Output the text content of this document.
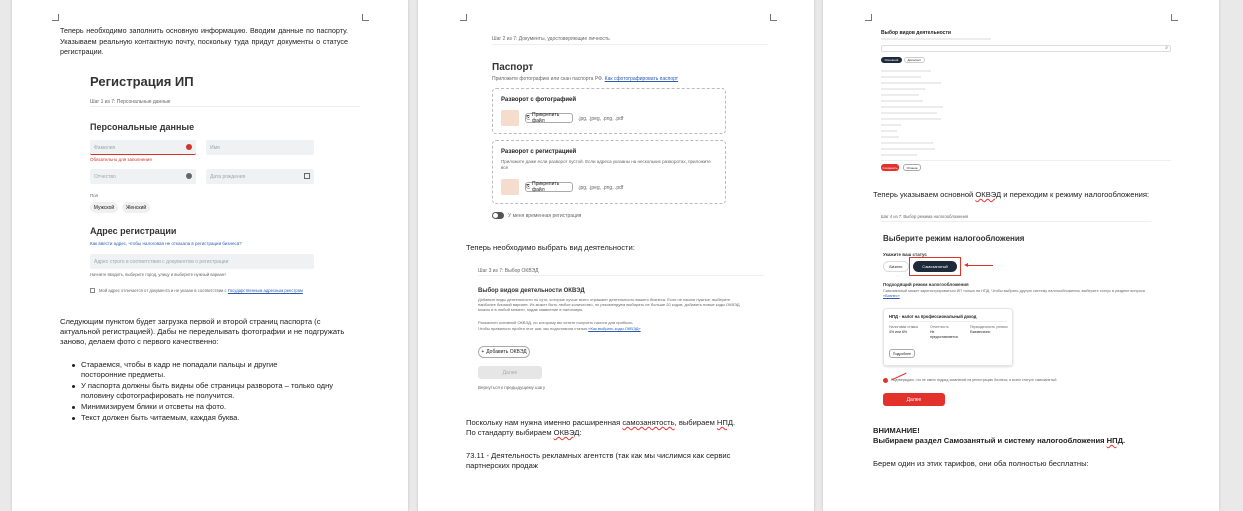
Теперь необходимо заполнить основную информацию. Вводим данные по паспорту. Указываем реальную контактную почту, поскольку туда придут документы о статусе регистрации.
Регистрация ИП
Шаг 1 из 7: Персональные данные
Персональные данные
Фамилия	Имя
Обязательно для заполнения
Отчество	Дата рождения
Пол
Мужской	Женский
Адрес регистрации
Как ввести адрес, чтобы налоговая не отказала в регистрации бизнеса?
Адрес строго в соответствии с документом о регистрации
Начните вводить, выберите город, улицу и выберите нужный вариант
Мой адрес отличается от документа и не указан в соответствии с Государственным адресным реестром
Следующим пунктом будет загрузка первой и второй страниц паспорта (с актуальной регистрацией). Дабы не переделывать фотографии и не подгружать заново, делаем фото с первого качественно:
Стараемся, чтобы в кадр не попадали пальцы и другие посторонние предметы.
У паспорта должны быть видны обе страницы разворота – только одну половину сфотографировать не получится.
Минимизируем блики и отсветы на фото.
Текст должен быть читаемым, каждая буква.
Шаг 2 из 7: Документы, удостоверяющие личность
Паспорт
Приложите фотографию или скан паспорта РФ. Как сфотографировать паспорт
Разворот с фотографией
⎘ Прикрепить файл	.jpg, .jpeg, .png, .pdf
Разворот с регистрацией
Приложите даже если разворот пустой. Если адреса указаны на нескольких разворотах, приложите все
⎘ Прикрепить файл	.jpg, .jpeg, .png, .pdf
У меня временная регистрация
Теперь необходимо выбрать вид деятельности:
Шаг 3 из 7: Выбор ОКВЭД
Выбор видов деятельности ОКВЭД
Добавьте виды деятельности по сути, которые лучше всего отражают деятельность вашего бизнеса. Если не нашли нужное, выберите наиболее близкий вариант. Их может быть любое количество, но рекомендуем выбирать не больше 20 кодов, добавить новые коды ОКВЭД можно и в любой момент, подав заявление в налоговую.
Разъяснен основной ОКВЭД, по которому вы хотите получить налоги для прибыль.
Чтобы правильно пройти этот шаг, мы подготовили статью «Как выбрать коды ОКВЭД»
+ Добавить ОКВЭД
Далее
Вернуться к предыдущему шагу
Поскольку нам нужна именно расширенная самозанятость, выбираем НПД.
По стандарту выбираем ОКВЭД:
73.11 - Деятельность рекламных агентств (так как мы числимся как сервис партнерских продаж
Выбор видов деятельности
⌕
Основной	Дополнит.
Сохранить	Отмена
Теперь указываем основной ОКВЭД и переходим к режиму налогообложения:
Шаг 4 из 7: Выбор режима налогообложения
Выберите режим налогообложения
Укажите ваш статус
Бизнес	Самозанятый
Подходящий режим налогообложения
Самозанятый может зарегистрироваться ИП только на НПД. Чтобы выбрать другую систему налогообложения, выберите статус в разделе вопроса «Бизнес»
НПД - налог на профессиональный доход
Налоговая ставка
4% или 6%
Отчетность
Не предоставляется
Периодичность уплаты
Ежемесячно
Подробнее
Подтверждаю, что не имею подряд заявлений на регистрацию бизнеса, в моем статусе самозанятый
Далее
ВНИМАНИЕ!
Выбираем раздел Самозанятый и систему налогообложения НПД.
Берем один из этих тарифов, они оба полностью бесплатны:
